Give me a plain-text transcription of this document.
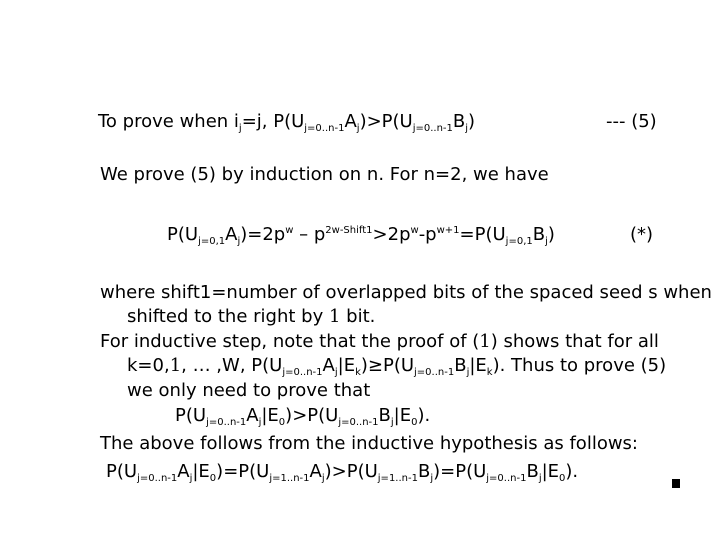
To prove when $i_j=j$, $P(U_{j=0..n-1}A_j)>P(U_{j=0..n-1}B_j)$	--- (5)
We prove (5) by induction on n. For n=2, we have
$P(U_{j=0,1}A_j)=2p^w - p^{2w-Shift1}>2p^w-p^{w+1}=P(U_{j=0,1}B_j)$	(*)
where shift1=number of overlapped bits of the spaced seed s when
shifted to the right by 1 bit.
For inductive step, note that the proof of (1) shows that for all
k=0,1, … ,W, $P(U_{j=0..n-1}A_j|E_k)\ge P(U_{j=0..n-1}B_j|E_k)$. Thus to prove (5)
we only need to prove that
$P(U_{j=0..n-1}A_j|E_0)>P(U_{j=0..n-1}B_j|E_0)$.
The above follows from the inductive hypothesis as follows:
$P(U_{j=0..n-1}A_j|E_0)=P(U_{j=1..n-1}A_j)>P(U_{j=1..n-1}B_j)=P(U_{j=0..n-1}B_j|E_0)$.
